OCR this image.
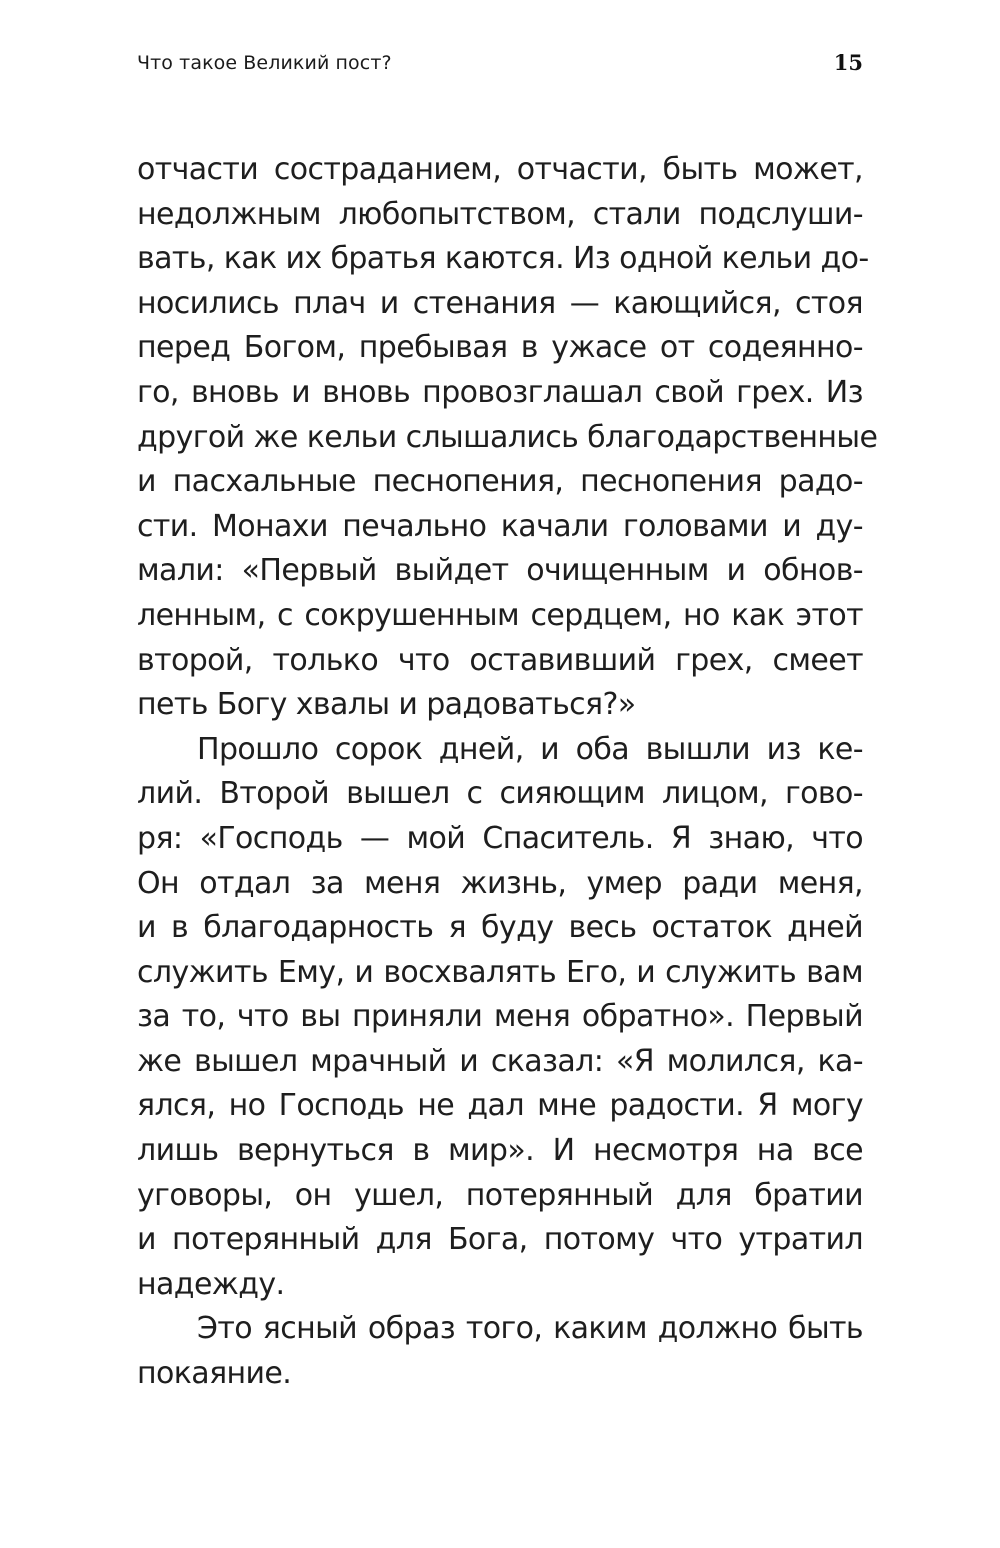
Что такое Великий пост?	15
отчасти состраданием, отчасти, быть может,
недолжным любопытством, стали подслуши-
вать, как их братья каются. Из одной кельи до-
носились плач и стенания — кающийся, стоя
перед Богом, пребывая в ужасе от содеянно-
го, вновь и вновь провозглашал свой грех. Из
другой же кельи слышались благодарственные
и пасхальные песнопения, песнопения радо-
сти. Монахи печально качали головами и ду-
мали: «Первый выйдет очищенным и обнов-
ленным, с сокрушенным сердцем, но как этот
второй, только что оставивший грех, смеет
петь Богу хвалы и радоваться?»
Прошло сорок дней, и оба вышли из ке-
лий. Второй вышел с сияющим лицом, гово-
ря: «Господь — мой Спаситель. Я знаю, что
Он отдал за меня жизнь, умер ради меня,
и в благодарность я буду весь остаток дней
служить Ему, и восхвалять Его, и служить вам
за то, что вы приняли меня обратно». Первый
же вышел мрачный и сказал: «Я молился, ка-
ялся, но Господь не дал мне радости. Я могу
лишь вернуться в мир». И несмотря на все
уговоры, он ушел, потерянный для братии
и потерянный для Бога, потому что утратил
надежду.
Это ясный образ того, каким должно быть
покаяние.
